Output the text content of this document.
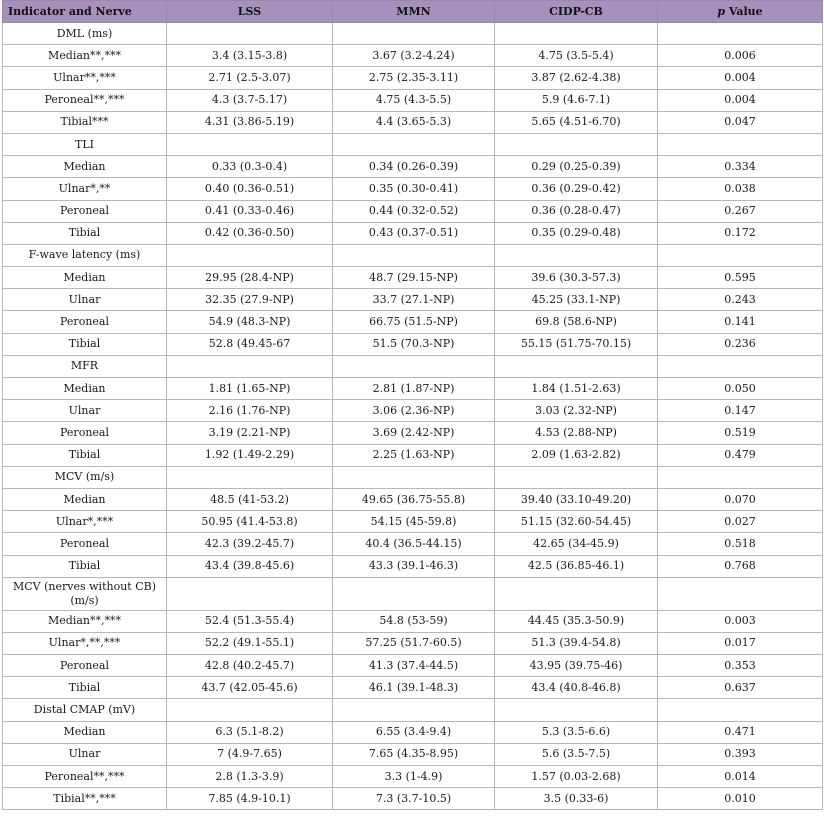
Indicator and Nerve	LSS	MMN	CIDP-CB	p Value
DML (ms)				
Median**,***	3.4 (3.15-3.8)	3.67 (3.2-4.24)	4.75 (3.5-5.4)	0.006
Ulnar**,***	2.71 (2.5-3.07)	2.75 (2.35-3.11)	3.87 (2.62-4.38)	0.004
Peroneal**,***	4.3 (3.7-5.17)	4.75 (4.3-5.5)	5.9 (4.6-7.1)	0.004
Tibial***	4.31 (3.86-5.19)	4.4 (3.65-5.3)	5.65 (4.51-6.70)	0.047
TLI				
Median	0.33 (0.3-0.4)	0.34 (0.26-0.39)	0.29 (0.25-0.39)	0.334
Ulnar*,**	0.40 (0.36-0.51)	0.35 (0.30-0.41)	0.36 (0.29-0.42)	0.038
Peroneal	0.41 (0.33-0.46)	0.44 (0.32-0.52)	0.36 (0.28-0.47)	0.267
Tibial	0.42 (0.36-0.50)	0.43 (0.37-0.51)	0.35 (0.29-0.48)	0.172
F-wave latency (ms)				
Median	29.95 (28.4-NP)	48.7 (29.15-NP)	39.6 (30.3-57.3)	0.595
Ulnar	32.35 (27.9-NP)	33.7 (27.1-NP)	45.25 (33.1-NP)	0.243
Peroneal	54.9 (48.3-NP)	66.75 (51.5-NP)	69.8 (58.6-NP)	0.141
Tibial	52.8 (49.45-67	51.5 (70.3-NP)	55.15 (51.75-70.15)	0.236
MFR				
Median	1.81 (1.65-NP)	2.81 (1.87-NP)	1.84 (1.51-2.63)	0.050
Ulnar	2.16 (1.76-NP)	3.06 (2.36-NP)	3.03 (2.32-NP)	0.147
Peroneal	3.19 (2.21-NP)	3.69 (2.42-NP)	4.53 (2.88-NP)	0.519
Tibial	1.92 (1.49-2.29)	2.25 (1.63-NP)	2.09 (1.63-2.82)	0.479
MCV (m/s)				
Median	48.5 (41-53.2)	49.65 (36.75-55.8)	39.40 (33.10-49.20)	0.070
Ulnar*,***	50.95 (41.4-53.8)	54.15 (45-59.8)	51.15 (32.60-54.45)	0.027
Peroneal	42.3 (39.2-45.7)	40.4 (36.5-44.15)	42.65 (34-45.9)	0.518
Tibial	43.4 (39.8-45.6)	43.3 (39.1-46.3)	42.5 (36.85-46.1)	0.768
MCV (nerves without CB) (m/s)				
Median**,***	52.4 (51.3-55.4)	54.8 (53-59)	44.45 (35.3-50.9)	0.003
Ulnar*,**,***	52.2 (49.1-55.1)	57.25 (51.7-60.5)	51.3 (39.4-54.8)	0.017
Peroneal	42.8 (40.2-45.7)	41.3 (37.4-44.5)	43.95 (39.75-46)	0.353
Tibial	43.7 (42.05-45.6)	46.1 (39.1-48.3)	43.4 (40.8-46.8)	0.637
Distal CMAP (mV)				
Median	6.3 (5.1-8.2)	6.55 (3.4-9.4)	5.3 (3.5-6.6)	0.471
Ulnar	7 (4.9-7.65)	7.65 (4.35-8.95)	5.6 (3.5-7.5)	0.393
Peroneal**,***	2.8 (1.3-3.9)	3.3 (1-4.9)	1.57 (0.03-2.68)	0.014
Tibial**,***	7.85 (4.9-10.1)	7.3 (3.7-10.5)	3.5 (0.33-6)	0.010
